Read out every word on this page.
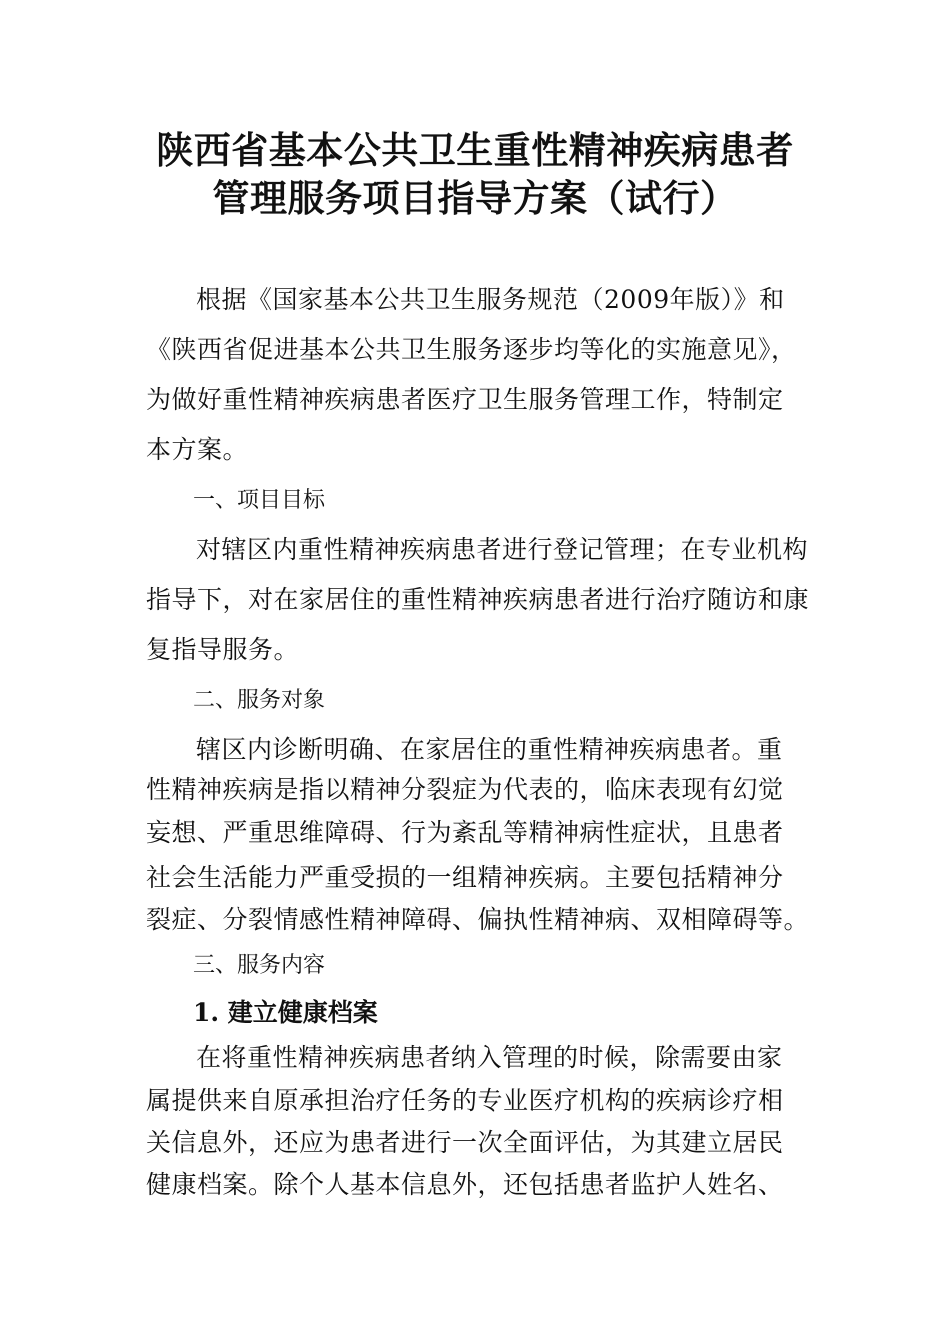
陕西省基本公共卫生重性精神疾病患者
管理服务项目指导方案（试行）
根据《国家基本公共卫生服务规范（2009年版）》和
《陕西省促进基本公共卫生服务逐步均等化的实施意见》，
为做好重性精神疾病患者医疗卫生服务管理工作，特制定
本方案。
一、项目目标
对辖区内重性精神疾病患者进行登记管理；在专业机构
指导下，对在家居住的重性精神疾病患者进行治疗随访和康
复指导服务。
二、服务对象
辖区内诊断明确、在家居住的重性精神疾病患者。重
性精神疾病是指以精神分裂症为代表的，临床表现有幻觉
妄想、严重思维障碍、行为紊乱等精神病性症状，且患者
社会生活能力严重受损的一组精神疾病。主要包括精神分
裂症、分裂情感性精神障碍、偏执性精神病、双相障碍等。
三、服务内容
1. 建立健康档案
在将重性精神疾病患者纳入管理的时候，除需要由家
属提供来自原承担治疗任务的专业医疗机构的疾病诊疗相
关信息外，还应为患者进行一次全面评估，为其建立居民
健康档案。除个人基本信息外，还包括患者监护人姓名、
